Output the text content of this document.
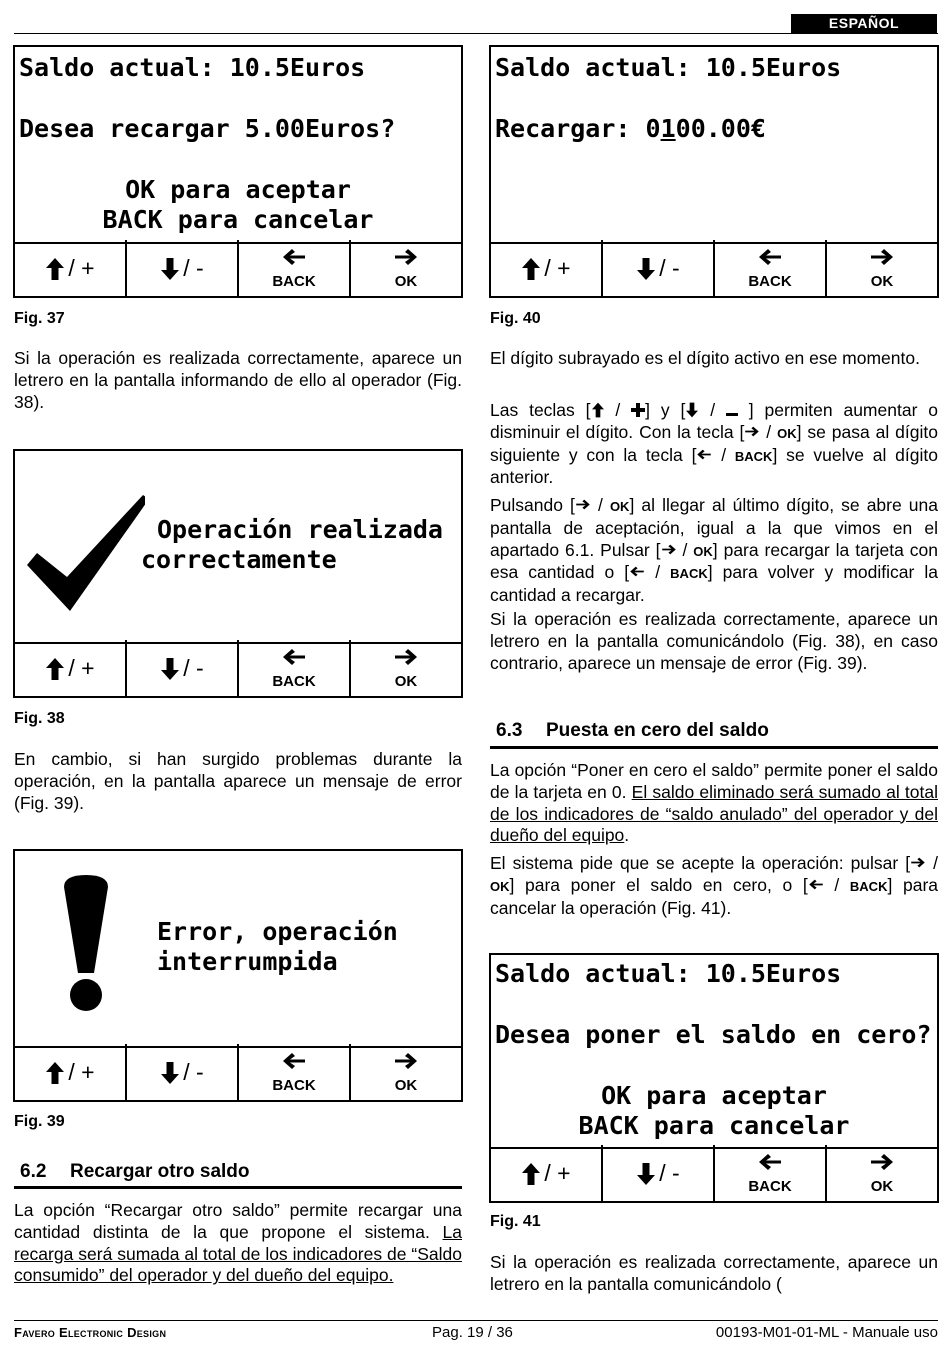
ESPAÑOL
Saldo actual: 10.5Euros
Desea recargar 5.00Euros?
OK para aceptar
BACK para cancelar
/ +	/ -
BACK	OK
Fig. 37
Si la operación es realizada correctamente, aparece un letrero en la pantalla informando de ello al operador (Fig. 38).
Operación realizada
correctamente
/ +	/ -
BACK	OK
Fig. 38
En cambio, si han surgido problemas durante la operación, en la pantalla aparece un mensaje de error (Fig. 39).
Error, operación
interrumpida
/ +	/ -
BACK	OK
Fig. 39
6.2 Recargar otro saldo
La opción “Recargar otro saldo” permite recargar una cantidad distinta de la que propone el sistema. La recarga será sumada al total de los indicadores de “Saldo consumido” del operador y del dueño del equipo.
Saldo actual: 10.5Euros
Recargar: 0100.00€
/ +	/ -
BACK	OK
Fig. 40
El dígito subrayado es el dígito activo en ese momento.
Las teclas [ / ] y [ /  ] permiten aumentar o disminuir el dígito. Con la tecla [ / OK] se pasa al dígito siguiente y con la tecla [ / BACK] se vuelve al dígito anterior.
Pulsando [ / OK] al llegar al último dígito, se abre una pantalla de aceptación, igual a la que vimos en el apartado 6.1. Pulsar [ / OK] para recargar la tarjeta con esa cantidad o [ / BACK] para volver y modificar la cantidad a recargar.
Si la operación es realizada correctamente, aparece un letrero en la pantalla comunicándolo (Fig. 38), en caso contrario, aparece un mensaje de error (Fig. 39).
6.3 Puesta en cero del saldo
La opción “Poner en cero el saldo” permite poner el saldo de la tarjeta en 0. El saldo eliminado será sumado al total de los indicadores de “saldo anulado” del operador y del dueño del equipo.
El sistema pide que se acepte la operación: pulsar [ / OK] para poner el saldo en cero, o [ / BACK] para cancelar la operación (Fig. 41).
Saldo actual: 10.5Euros
Desea poner el saldo en cero?
OK para aceptar
BACK para cancelar
/ +	/ -
BACK	OK
Fig. 41
Si la operación es realizada correctamente, aparece un letrero en la pantalla comunicándolo (
Favero Electronic Design	Pag. 19 / 36	00193-M01-01-ML - Manuale uso
